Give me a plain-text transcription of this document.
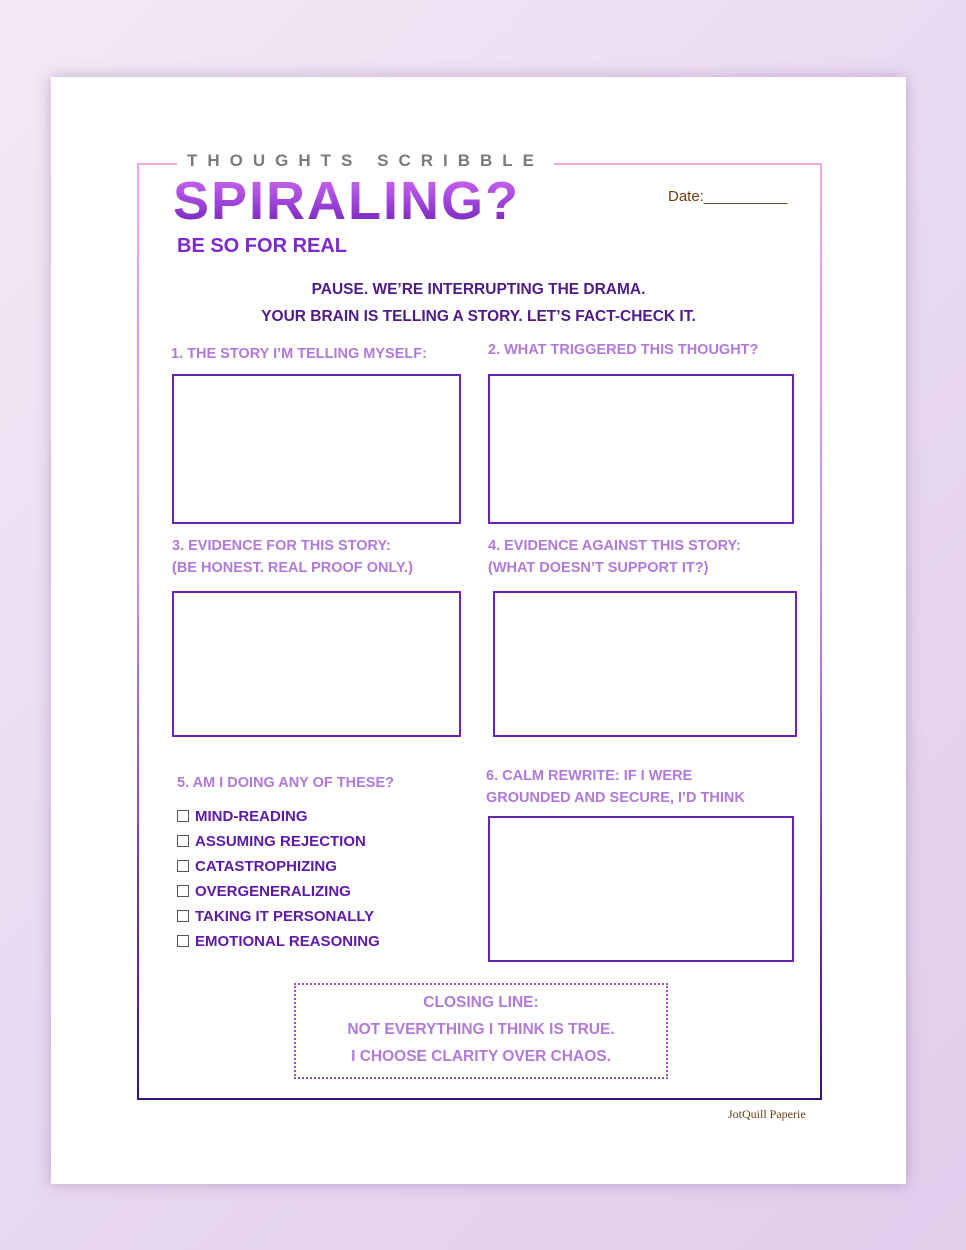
THOUGHTS SCRIBBLE
SPIRALING?	Date:__________
BE SO FOR REAL
PAUSE. WE’RE INTERRUPTING THE DRAMA.
YOUR BRAIN IS TELLING A STORY. LET’S FACT-CHECK IT.
1. THE STORY I’M TELLING MYSELF:	2. WHAT TRIGGERED THIS THOUGHT?
3. EVIDENCE FOR THIS STORY:
(BE HONEST. REAL PROOF ONLY.)
4. EVIDENCE AGAINST THIS STORY:
(WHAT DOESN’T SUPPORT IT?)
5. AM I DOING ANY OF THESE?
MIND-READING
ASSUMING REJECTION
CATASTROPHIZING
OVERGENERALIZING
TAKING IT PERSONALLY
EMOTIONAL REASONING
6. CALM REWRITE: IF I WERE
GROUNDED AND SECURE, I’D THINK
CLOSING LINE:
NOT EVERYTHING I THINK IS TRUE.
I CHOOSE CLARITY OVER CHAOS.
JotQuill Paperie
